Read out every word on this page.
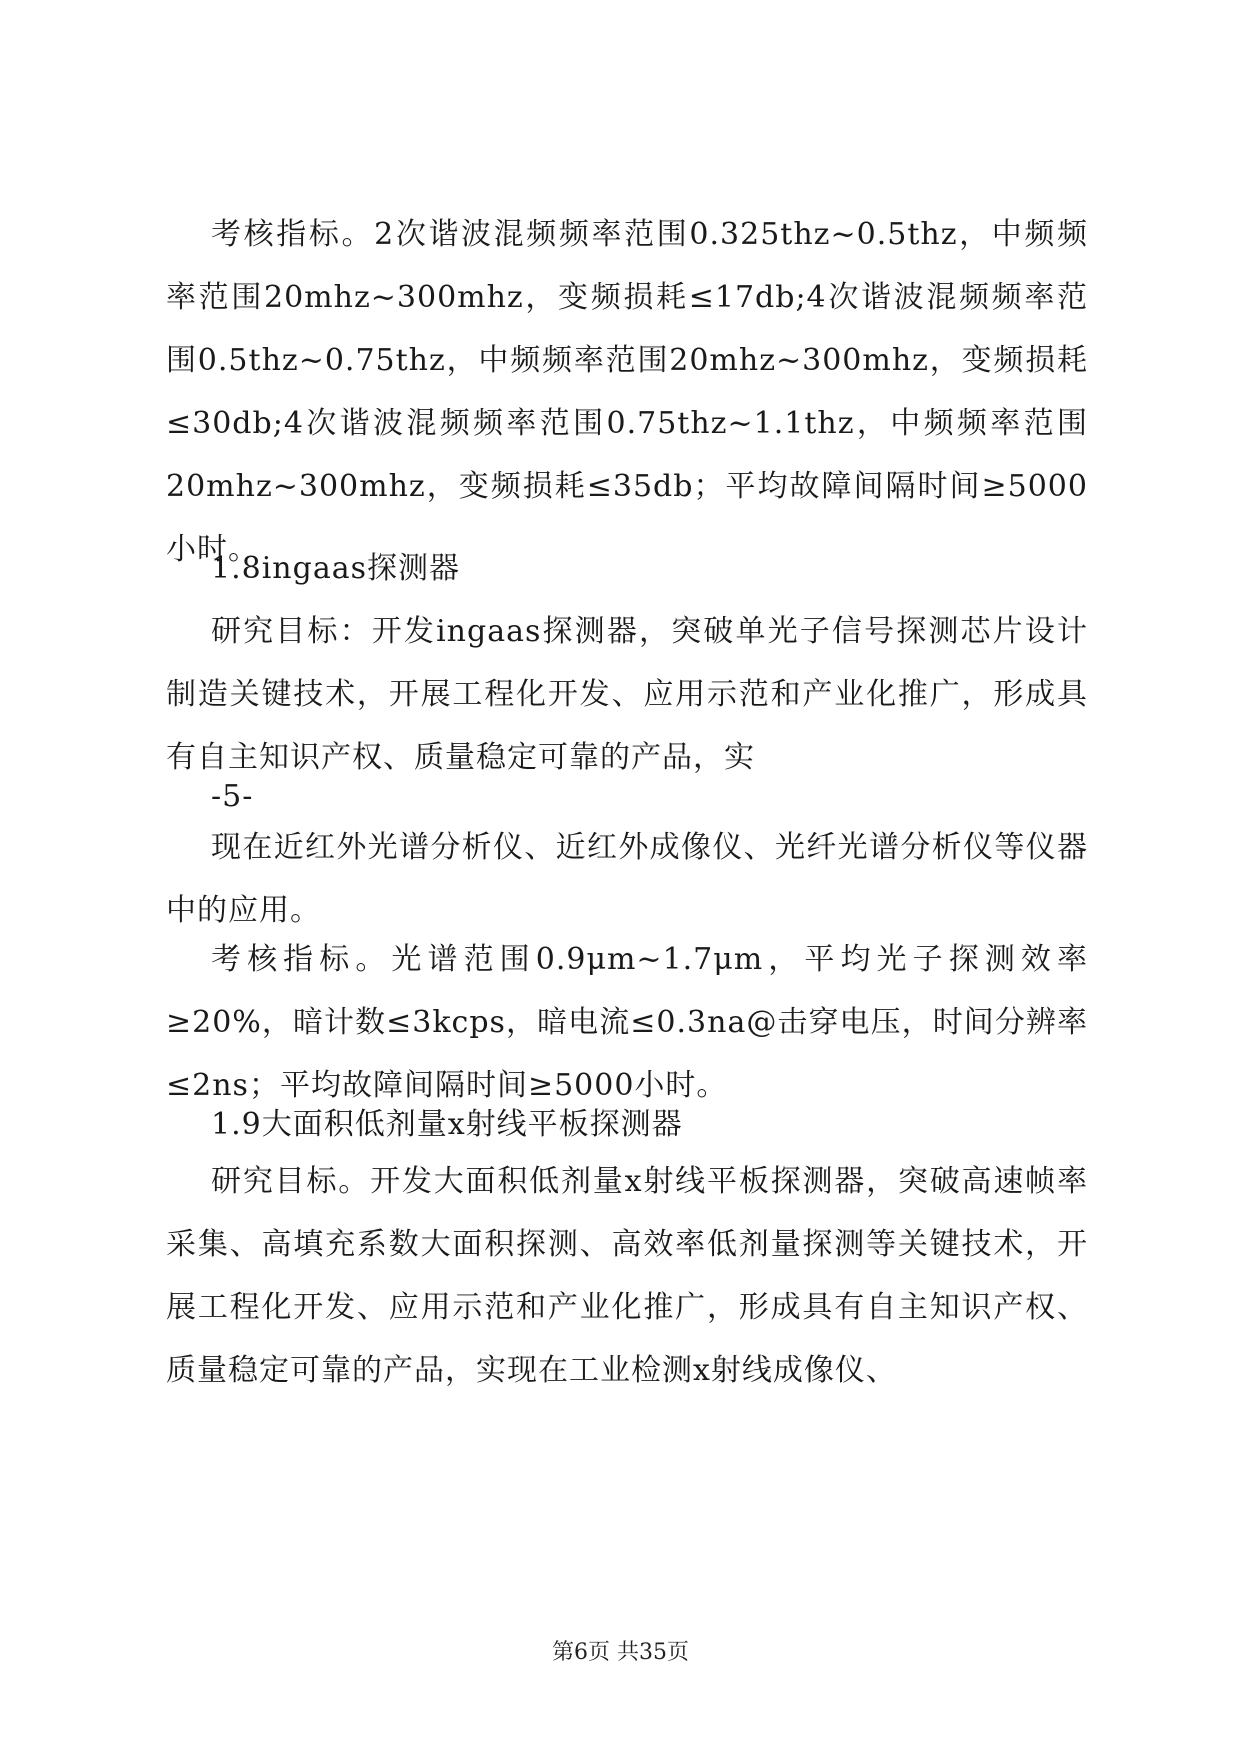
考核指标。2次谐波混频频率范围0.325thz~0.5thz，中频频率范围20mhz~300mhz，变频损耗≤17db;4次谐波混频频率范围0.5thz~0.75thz，中频频率范围20mhz~300mhz，变频损耗≤30db;4次谐波混频频率范围0.75thz~1.1thz，中频频率范围20mhz~300mhz，变频损耗≤35db；平均故障间隔时间≥5000小时。

1.8ingaas探测器

研究目标：开发ingaas探测器，突破单光子信号探测芯片设计制造关键技术，开展工程化开发、应用示范和产业化推广，形成具有自主知识产权、质量稳定可靠的产品，实

-5-

现在近红外光谱分析仪、近红外成像仪、光纤光谱分析仪等仪器中的应用。

考核指标。光谱范围0.9μm~1.7μm，平均光子探测效率≥20%，暗计数≤3kcps，暗电流≤0.3na@击穿电压，时间分辨率≤2ns；平均故障间隔时间≥5000小时。

1.9大面积低剂量x射线平板探测器

研究目标。开发大面积低剂量x射线平板探测器，突破高速帧率采集、高填充系数大面积探测、高效率低剂量探测等关键技术，开展工程化开发、应用示范和产业化推广，形成具有自主知识产权、质量稳定可靠的产品，实现在工业检测x射线成像仪、

第6页 共35页
